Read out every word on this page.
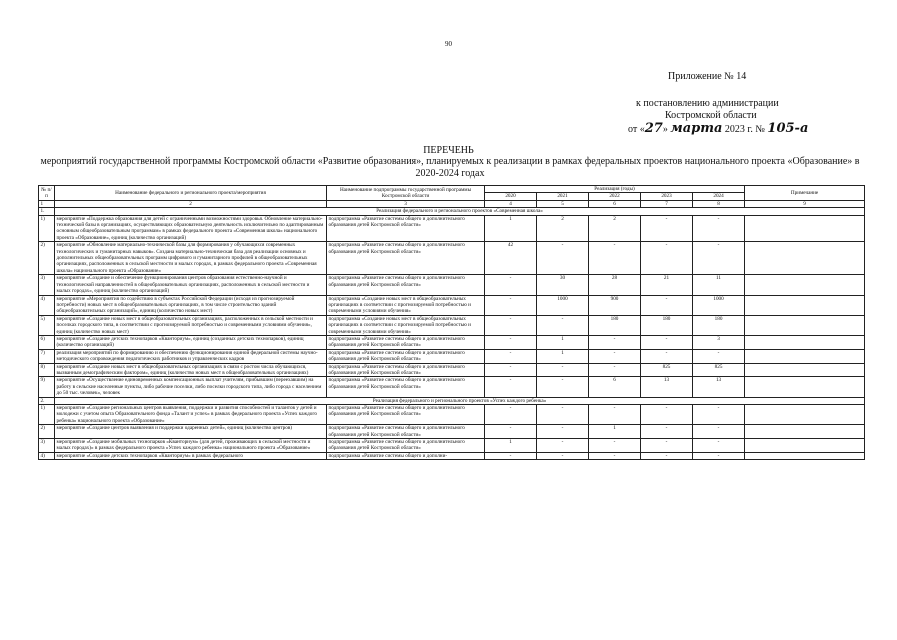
90
Приложение № 14
к постановлению администрации
Костромской области
от «27» марта 2023 г. № 105-а
ПЕРЕЧЕНЬ
мероприятий государственной программы Костромской области «Развитие образования», планируемых к реализации в рамках федеральных проектов национального проекта «Образование» в 2020-2024 годах
№ п/п	Наименование федерального и регионального проекта/мероприятия	Наименование подпрограммы государственной программы Костромской области	Реализация (годы)					Примечание
			2020	2021	2022	2023	2024	
1	2	3	4	5	6	7	8	9
1.	Реализация федерального и регионального проектов «Современная школа»							
1)	мероприятие «Поддержка образования для детей с ограниченными возможностями здоровья. Обновление материально-технической базы в организациях, осуществляющих образовательную деятельность исключительно по адаптированным основным общеобразовательным программам» в рамках федерального проекта «Современная школа» национального проекта «Образование», единиц (количество организаций)	подпрограмма «Развитие системы общего и дополнительного образования детей Костромской области»	1	2	2	-	-	
2)	мероприятие «Обновление материально-технической базы для формирования у обучающихся современных технологических и гуманитарных навыков». Создана материально-техническая база для реализации основных и дополнительных общеобразовательных программ цифрового и гуманитарного профилей в общеобразовательных организациях, расположенных в сельской местности и малых городах, в рамках федерального проекта «Современная школа» национального проекта «Образование»	подпрограмма «Развитие системы общего и дополнительного образования детей Костромской области»	42	-	-	-	-	
3)	мероприятие «Создание и обеспечение функционирования центров образования естественно-научной и технологической направленностей в общеобразовательных организациях, расположенных в сельской местности и малых городах», единиц (количество организаций)	подпрограмма «Развитие системы общего и дополнительного образования детей Костромской области»	-	30	28	21	11	
4)	мероприятие «Мероприятия по содействию в субъектах Российской Федерации (исходя из прогнозируемой потребности) новых мест в общеобразовательных организациях, в том числе строительство зданий общеобразовательных организаций», единиц (количество новых мест)	подпрограмма «Создание новых мест в общеобразовательных организациях в соответствии с прогнозируемой потребностью и современными условиями обучения»	-	1000	900	-	1000	
5)	мероприятие «Создание новых мест в общеобразовательных организациях, расположенных в сельской местности и поселках городского типа, в соответствии с прогнозируемой потребностью и современными условиями обучения», единиц (количество новых мест)	подпрограмма «Создание новых мест в общеобразовательных организациях в соответствии с прогнозируемой потребностью и современными условиями обучения»	-	-	180	180	180	
6)	мероприятие «Создание детских технопарков «Кванториум», единиц (созданных детских технопарков), единиц (количество организаций)	подпрограмма «Развитие системы общего и дополнительного образования детей Костромской области»	-	1	-	-	3	
7)	реализация мероприятий по формированию и обеспечению функционирования единой федеральной системы научно-методического сопровождения педагогических работников и управленческих кадров	подпрограмма «Развитие системы общего и дополнительного образования детей Костромской области»	-	1	-	-	-	
8)	мероприятие «Создание новых мест в общеобразовательных организациях в связи с ростом числа обучающихся, вызванным демографическим фактором», единиц (количество новых мест в общеобразовательных организациях)	подпрограмма «Развитие системы общего и дополнительного образования детей Костромской области»	-	-	-	825	825	
9)	мероприятие «Осуществление единовременных компенсационных выплат учителям, прибывшим (переехавшим) на работу в сельские населенные пункты, либо рабочие поселки, либо поселки городского типа, либо города с населением до 50 тыс. человек», человек	подпрограмма «Развитие системы общего и дополнительного образования детей Костромской области»	-	-	6	13	13	
2.	Реализация федерального и регионального проектов «Успех каждого ребенка»							
1)	мероприятие «Создание региональных центров выявления, поддержки и развития способностей и талантов у детей и молодежи с учетом опыта Образовательного фонда «Талант и успех» в рамках федерального проекта «Успех каждого ребенка» национального проекта «Образование»	подпрограмма «Развитие системы общего и дополнительного образования детей Костромской области»	-	-	-	-	-	
2)	мероприятие «Создание центров выявления и поддержки одаренных детей», единиц (количество центров)	подпрограмма «Развитие системы общего и дополнительного образования детей Костромской области»	-	-	1	-	-	
3)	мероприятие «Создание мобильных технопарков «Кванториум» (для детей, проживающих в сельской местности и малых городах)» в рамках федерального проекта «Успех каждого ребенка» национального проекта «Образование»	подпрограмма «Развитие системы общего и дополнительного образования детей Костромской области»	1	-	-	-	-	
4)	мероприятие «Создание детских технопарков «Кванториум» в рамках федерального	подпрограмма «Развитие системы общего и дополни-	-	-	-	-	-	
